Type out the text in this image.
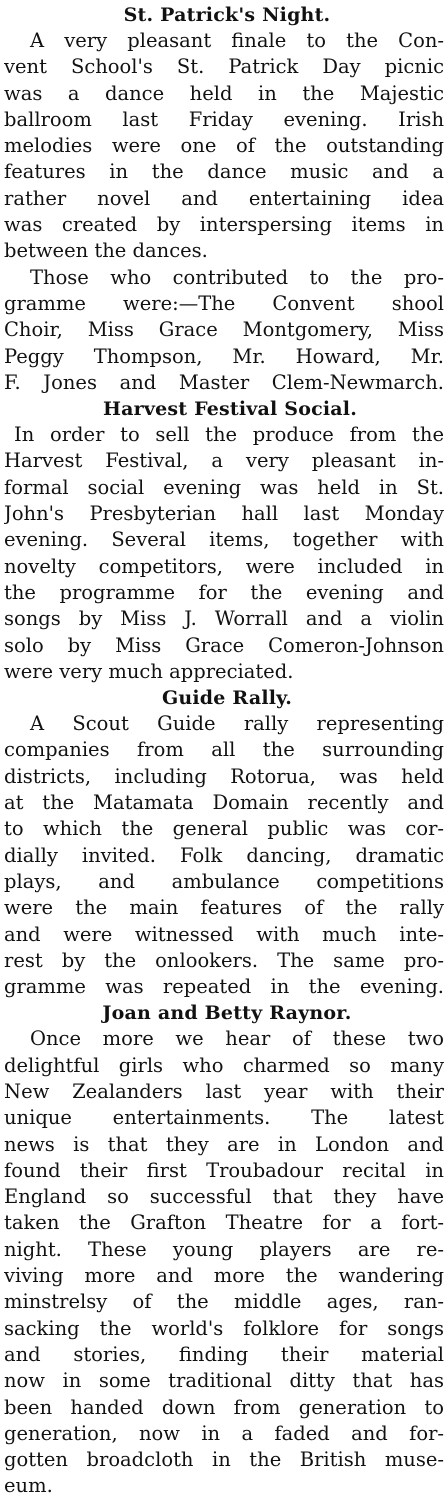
St. Patrick's Night.
A very pleasant finale to the Con-
vent School's St. Patrick Day picnic
was a dance held in the Majestic
ballroom last Friday evening. Irish
melodies were one of the outstanding
features in the dance music and a
rather novel and entertaining idea
was created by interspersing items in
between the dances.
Those who contributed to the pro-
gramme were:—The Convent shool
Choir, Miss Grace Montgomery, Miss
Peggy Thompson, Mr. Howard, Mr.
F. Jones and Master Clem-Newmarch.
Harvest Festival Social.
In order to sell the produce from the
Harvest Festival, a very pleasant in-
formal social evening was held in St.
John's Presbyterian hall last Monday
evening. Several items, together with
novelty competitors, were included in
the programme for the evening and
songs by Miss J. Worrall and a violin
solo by Miss Grace Comeron-Johnson
were very much appreciated.
Guide Rally.
A Scout Guide rally representing
companies from all the surrounding
districts, including Rotorua, was held
at the Matamata Domain recently and
to which the general public was cor-
dially invited. Folk dancing, dramatic
plays, and ambulance competitions
were the main features of the rally
and were witnessed with much inte-
rest by the onlookers. The same pro-
gramme was repeated in the evening.
Joan and Betty Raynor.
Once more we hear of these two
delightful girls who charmed so many
New Zealanders last year with their
unique entertainments. The latest
news is that they are in London and
found their first Troubadour recital in
England so successful that they have
taken the Grafton Theatre for a fort-
night. These young players are re-
viving more and more the wandering
minstrelsy of the middle ages, ran-
sacking the world's folklore for songs
and stories, finding their material
now in some traditional ditty that has
been handed down from generation to
generation, now in a faded and for-
gotten broadcloth in the British muse-
eum.
